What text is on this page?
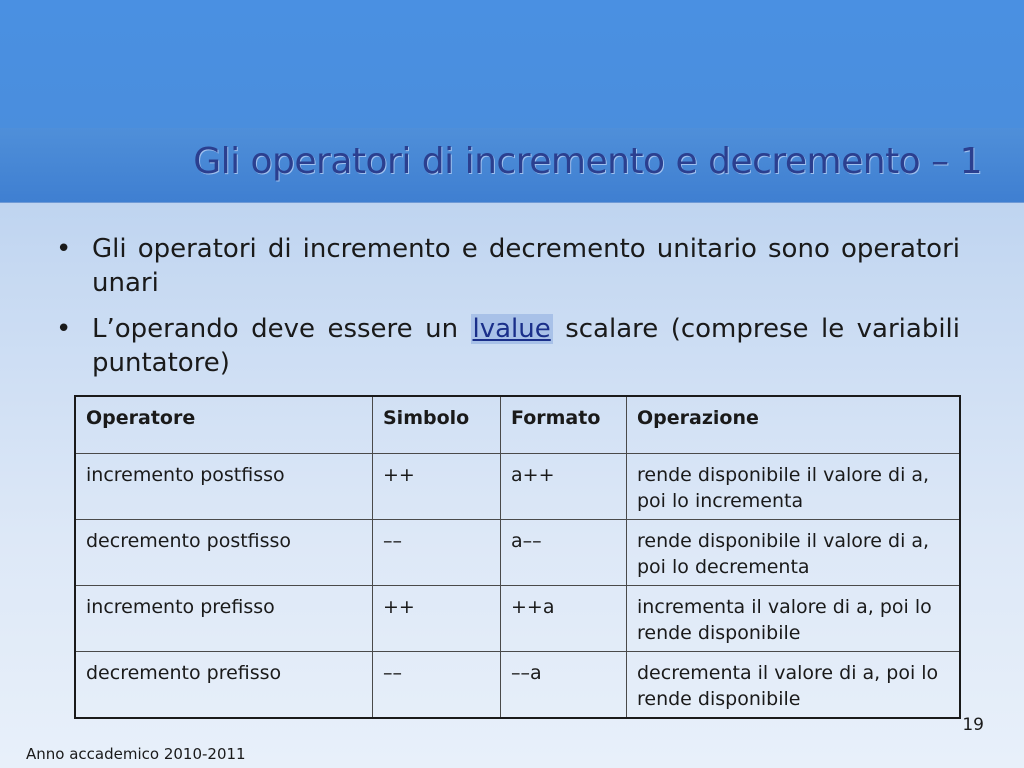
Gli operatori di incremento e decremento – 1
• Gli operatori di incremento e decremento unitario sono operatori unari
• L’operando deve essere un lvalue scalare (comprese le variabili puntatore)
Operatore	Simbolo	Formato	Operazione
incremento postfisso	++	a++	rende disponibile il valore di a, poi lo incrementa
decremento postfisso	––	a––	rende disponibile il valore di a, poi lo decrementa
incremento prefisso	++	++a	incrementa il valore di a, poi lo rende disponibile
decremento prefisso	––	––a	decrementa il valore di a, poi lo rende disponibile
19
Anno accademico 2010-2011
